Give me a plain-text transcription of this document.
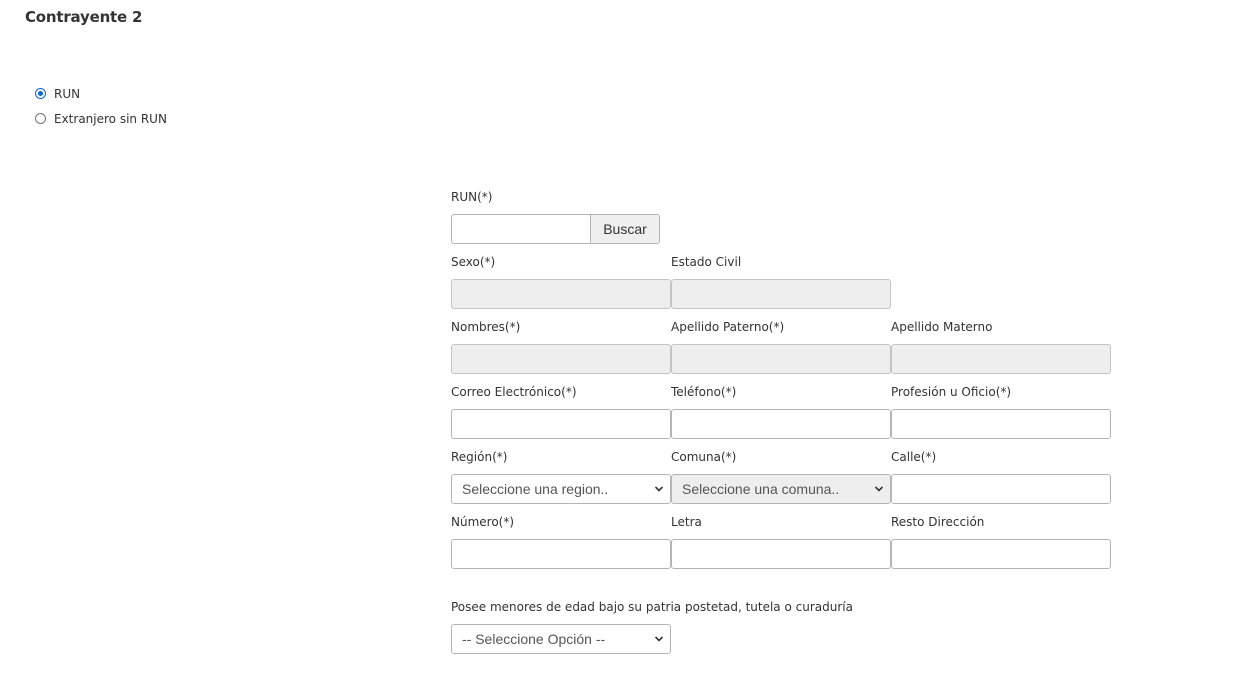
Contrayente 2
RUN
Extranjero sin RUN
RUN(*)
Buscar
Sexo(*)	Estado Civil
Nombres(*)	Apellido Paterno(*)	Apellido Materno
Correo Electrónico(*)	Teléfono(*)	Profesión u Oficio(*)
Región(*)	Comuna(*)	Calle(*)
Seleccione una region..	Seleccione una comuna..
Número(*)	Letra	Resto Dirección
Posee menores de edad bajo su patria postetad, tutela o curaduría
-- Seleccione Opción --
